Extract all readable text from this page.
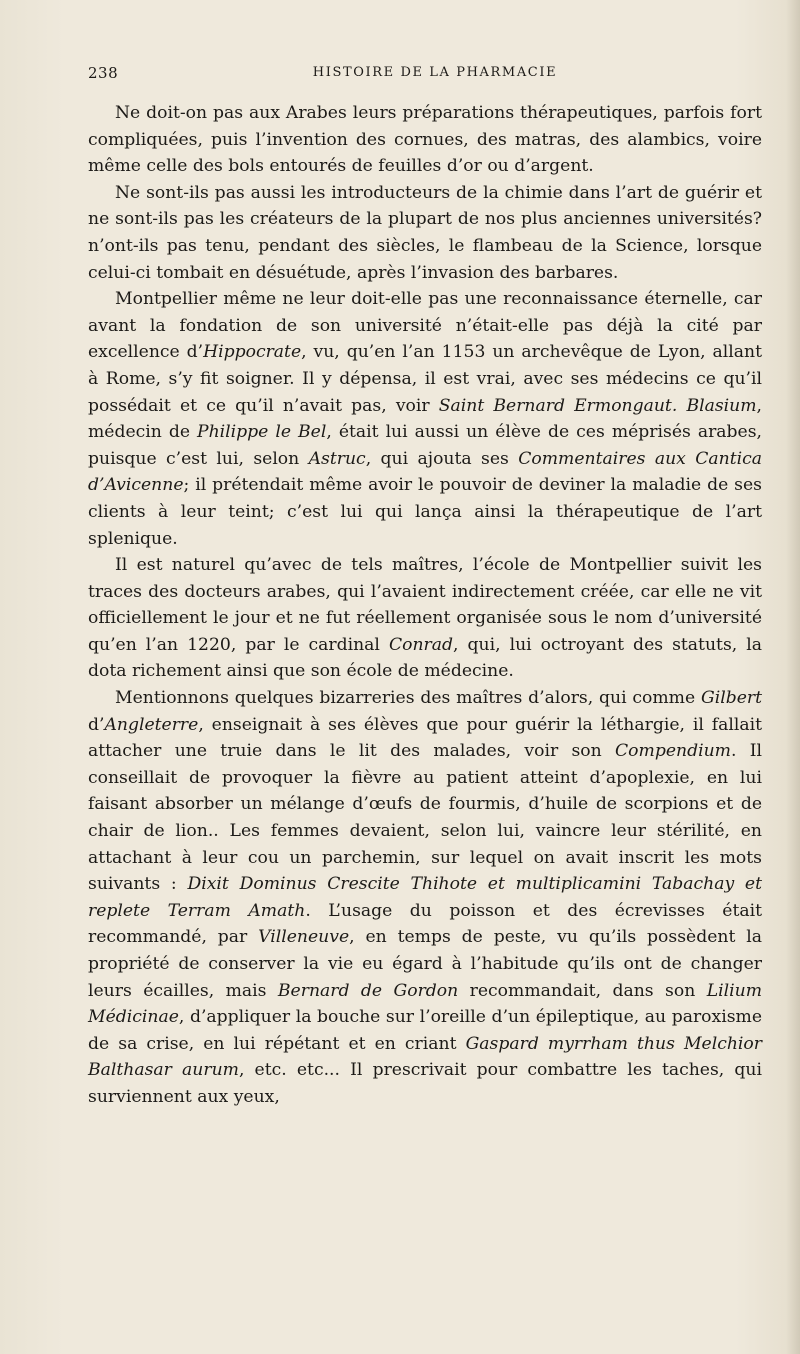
238	HISTOIRE DE LA PHARMACIE

Ne doit-on pas aux Arabes leurs préparations thérapeutiques, parfois fort compliquées, puis l’invention des cornues, des matras, des alambics, voire même celle des bols entourés de feuilles d’or ou d’argent.

Ne sont-ils pas aussi les introducteurs de la chimie dans l’art de guérir et ne sont-ils pas les créateurs de la plupart de nos plus anciennes universités? n’ont-ils pas tenu, pendant des siècles, le flambeau de la Science, lorsque celui-ci tombait en désuétude, après l’invasion des barbares.

Montpellier même ne leur doit-elle pas une reconnaissance éternelle, car avant la fondation de son université n’était-elle pas déjà la cité par excellence d’Hippocrate, vu, qu’en l’an 1153 un archevêque de Lyon, allant à Rome, s’y fit soigner. Il y dépensa, il est vrai, avec ses médecins ce qu’il possédait et ce qu’il n’avait pas, voir Saint Bernard Ermongaut. Blasium, médecin de Philippe le Bel, était lui aussi un élève de ces méprisés arabes, puisque c’est lui, selon Astruc, qui ajouta ses Commentaires aux Cantica d’Avicenne; il prétendait même avoir le pouvoir de deviner la maladie de ses clients à leur teint; c’est lui qui lança ainsi la thérapeutique de l’art splenique.

Il est naturel qu’avec de tels maîtres, l’école de Montpellier suivit les traces des docteurs arabes, qui l’avaient indirectement créée, car elle ne vit officiellement le jour et ne fut réellement organisée sous le nom d’université qu’en l’an 1220, par le cardinal Conrad, qui, lui octroyant des statuts, la dota richement ainsi que son école de médecine.

Mentionnons quelques bizarreries des maîtres d’alors, qui comme Gilbert d’Angleterre, enseignait à ses élèves que pour guérir la léthargie, il fallait attacher une truie dans le lit des malades, voir son Compendium. Il conseillait de provoquer la fièvre au patient atteint d’apoplexie, en lui faisant absorber un mélange d’œufs de fourmis, d’huile de scorpions et de chair de lion.. Les femmes devaient, selon lui, vaincre leur stérilité, en attachant à leur cou un parchemin, sur lequel on avait inscrit les mots suivants : Dixit Dominus Crescite Thihote et multiplicamini Tabachay et replete Terram Amath. L’usage du poisson et des écrevisses était recommandé, par Villeneuve, en temps de peste, vu qu’ils possèdent la propriété de conserver la vie eu égard à l’habitude qu’ils ont de changer leurs écailles, mais Bernard de Gordon recommandait, dans son Lilium Médicinae, d’appliquer la bouche sur l’oreille d’un épileptique, au paroxisme de sa crise, en lui répétant et en criant Gaspard myrrham thus Melchior Balthasar aurum, etc. etc... Il prescrivait pour combattre les taches, qui surviennent aux yeux,
